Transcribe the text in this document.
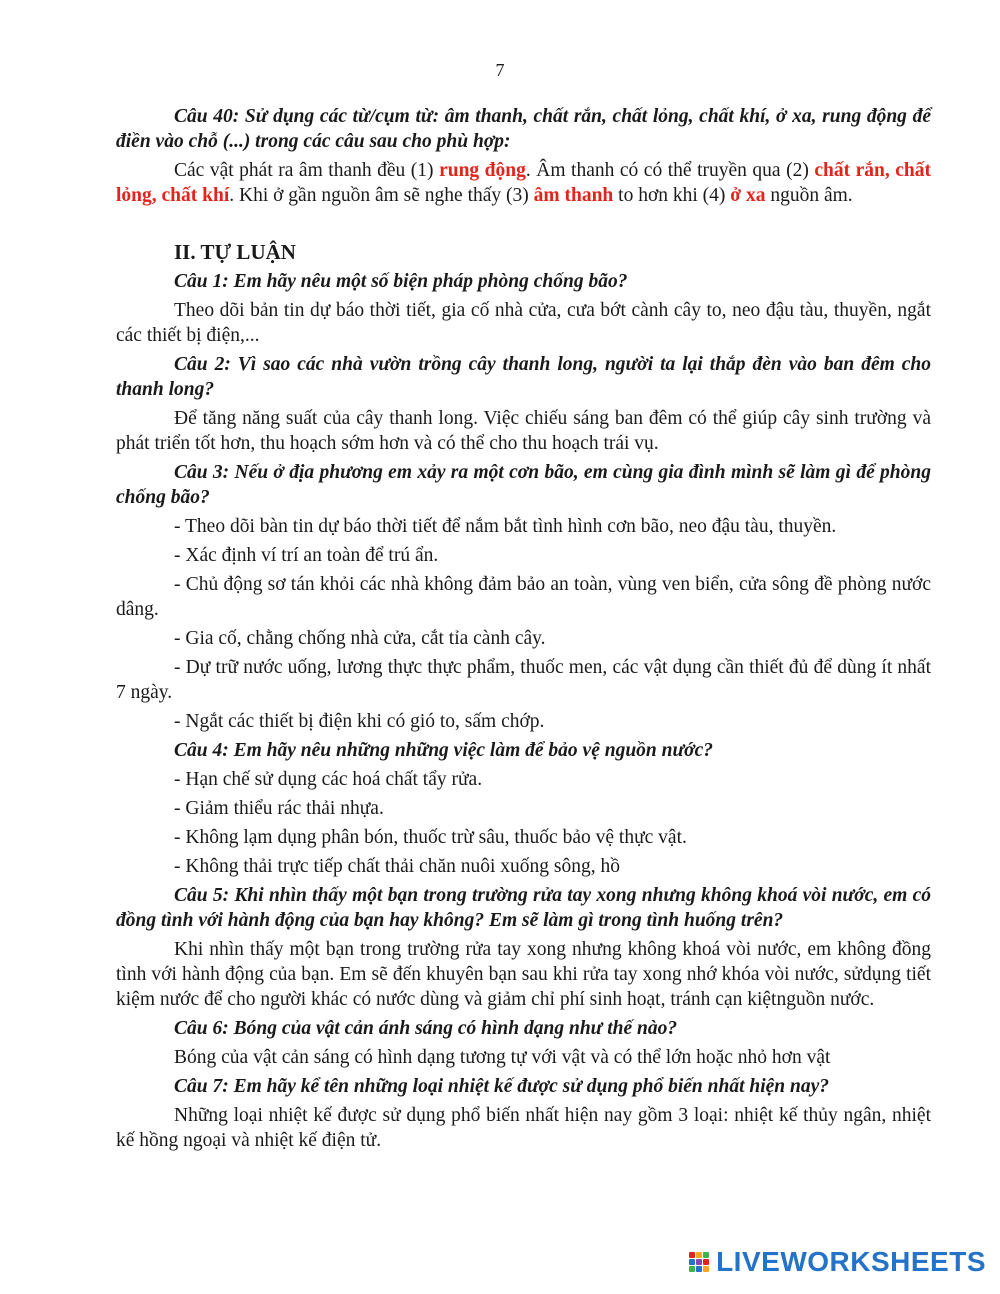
7

Câu 40: Sử dụng các từ/cụm từ: âm thanh, chất rắn, chất lỏng, chất khí, ở xa, rung động để điền vào chỗ (...) trong các câu sau cho phù hợp:

Các vật phát ra âm thanh đều (1) rung động. Âm thanh có có thể truyền qua (2) chất rắn, chất lỏng, chất khí. Khi ở gần nguồn âm sẽ nghe thấy (3) âm thanh to hơn khi (4) ở xa nguồn âm.

II. TỰ LUẬN

Câu 1: Em hãy nêu một số biện pháp phòng chống bão?

Theo dõi bản tin dự báo thời tiết, gia cố nhà cửa, cưa bớt cành cây to, neo đậu tàu, thuyền, ngắt các thiết bị điện,...

Câu 2: Vì sao các nhà vườn trồng cây thanh long, người ta lại thắp đèn vào ban đêm cho thanh long?

Để tăng năng suất của cây thanh long. Việc chiếu sáng ban đêm có thể giúp cây sinh trường và phát triển tốt hơn, thu hoạch sớm hơn và có thể cho thu hoạch trái vụ.

Câu 3: Nếu ở địa phương em xảy ra một cơn bão, em cùng gia đình mình sẽ làm gì để phòng chống bão?

- Theo dõi bàn tin dự báo thời tiết để nắm bắt tình hình cơn bão, neo đậu tàu, thuyền.

- Xác định ví trí an toàn để trú ẩn.

- Chủ động sơ tán khỏi các nhà không đảm bảo an toàn, vùng ven biển, cửa sông đề phòng nước dâng.

- Gia cố, chằng chống nhà cửa, cắt tỉa cành cây.

- Dự trữ nước uống, lương thực thực phẩm, thuốc men, các vật dụng cần thiết đủ để dùng ít nhất 7 ngày.

- Ngắt các thiết bị điện khi có gió to, sấm chớp.

Câu 4: Em hãy nêu những những việc làm để bảo vệ nguồn nước?

- Hạn chế sử dụng các hoá chất tẩy rửa.

- Giảm thiểu rác thải nhựa.

- Không lạm dụng phân bón, thuốc trừ sâu, thuốc bảo vệ thực vật.

- Không thải trực tiếp chất thải chăn nuôi xuống sông, hồ

Câu 5: Khi nhìn thấy một bạn trong trường rửa tay xong nhưng không khoá vòi nước, em có đồng tình với hành động của bạn hay không? Em sẽ làm gì trong tình huống trên?

Khi nhìn thấy một bạn trong trường rửa tay xong nhưng không khoá vòi nước, em không đồng tình với hành động của bạn. Em sẽ đến khuyên bạn sau khi rửa tay xong nhớ khóa vòi nước, sửdụng tiết kiệm nước để cho người khác có nước dùng và giảm chỉ phí sinh hoạt, tránh cạn kiệtnguồn nước.

Câu 6: Bóng của vật cản ánh sáng có hình dạng như thế nào?

Bóng của vật cản sáng có hình dạng tương tự với vật và có thể lớn hoặc nhỏ hơn vật

Câu 7: Em hãy kể tên những loại nhiệt kế được sử dụng phổ biến nhất hiện nay?

Những loại nhiệt kế được sử dụng phổ biến nhất hiện nay gồm 3 loại: nhiệt kế thủy ngân, nhiệt kế hồng ngoại và nhiệt kế điện tử.

LIVEWORKSHEETS
